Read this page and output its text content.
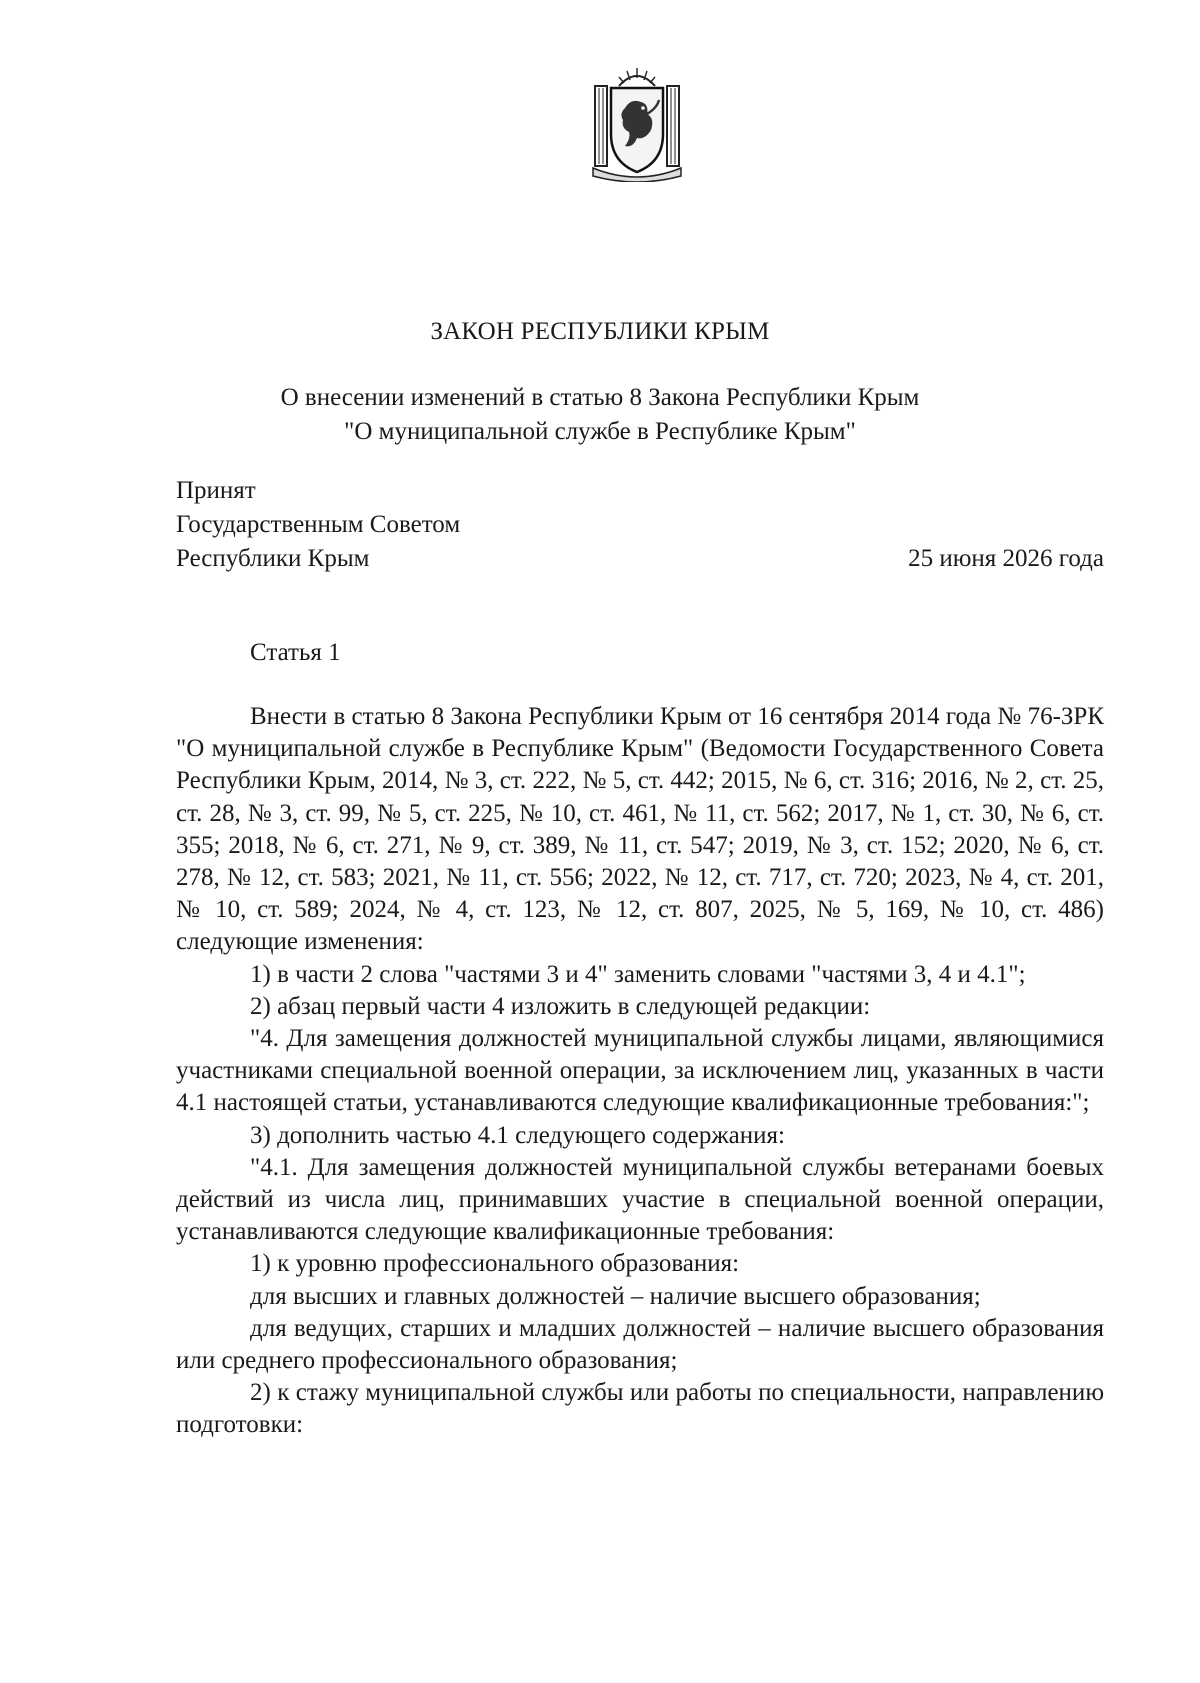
ЗАКОН РЕСПУБЛИКИ КРЫМ
О внесении изменений в статью 8 Закона Республики Крым
"О муниципальной службе в Республике Крым"
Принят
Государственным Советом
Республики Крым	25 июня 2026 года
Статья 1

Внести в статью 8 Закона Республики Крым от 16 сентября 2014 года № 76-ЗРК "О муниципальной службе в Республике Крым" (Ведомости Государственного Совета Республики Крым, 2014, № 3, ст. 222, № 5, ст. 442; 2015, № 6, ст. 316; 2016, № 2, ст. 25, ст. 28, № 3, ст. 99, № 5, ст. 225, № 10, ст. 461, № 11, ст. 562; 2017, № 1, ст. 30, № 6, ст. 355; 2018, № 6, ст. 271, № 9, ст. 389, № 11, ст. 547; 2019, № 3, ст. 152; 2020, № 6, ст. 278, № 12, ст. 583; 2021, № 11, ст. 556; 2022, № 12, ст. 717, ст. 720; 2023, № 4, ст. 201, № 10, ст. 589; 2024, № 4, ст. 123, № 12, ст. 807, 2025, № 5, 169, № 10, ст. 486) следующие изменения:

1) в части 2 слова "частями 3 и 4" заменить словами "частями 3, 4 и 4.1";

2) абзац первый части 4 изложить в следующей редакции:

"4. Для замещения должностей муниципальной службы лицами, являющимися участниками специальной военной операции, за исключением лиц, указанных в части 4.1 настоящей статьи, устанавливаются следующие квалификационные требования:";

3) дополнить частью 4.1 следующего содержания:

"4.1. Для замещения должностей муниципальной службы ветеранами боевых действий из числа лиц, принимавших участие в специальной военной операции, устанавливаются следующие квалификационные требования:

1) к уровню профессионального образования:

для высших и главных должностей – наличие высшего образования;

для ведущих, старших и младших должностей – наличие высшего образования или среднего профессионального образования;

2) к стажу муниципальной службы или работы по специальности, направлению подготовки:
